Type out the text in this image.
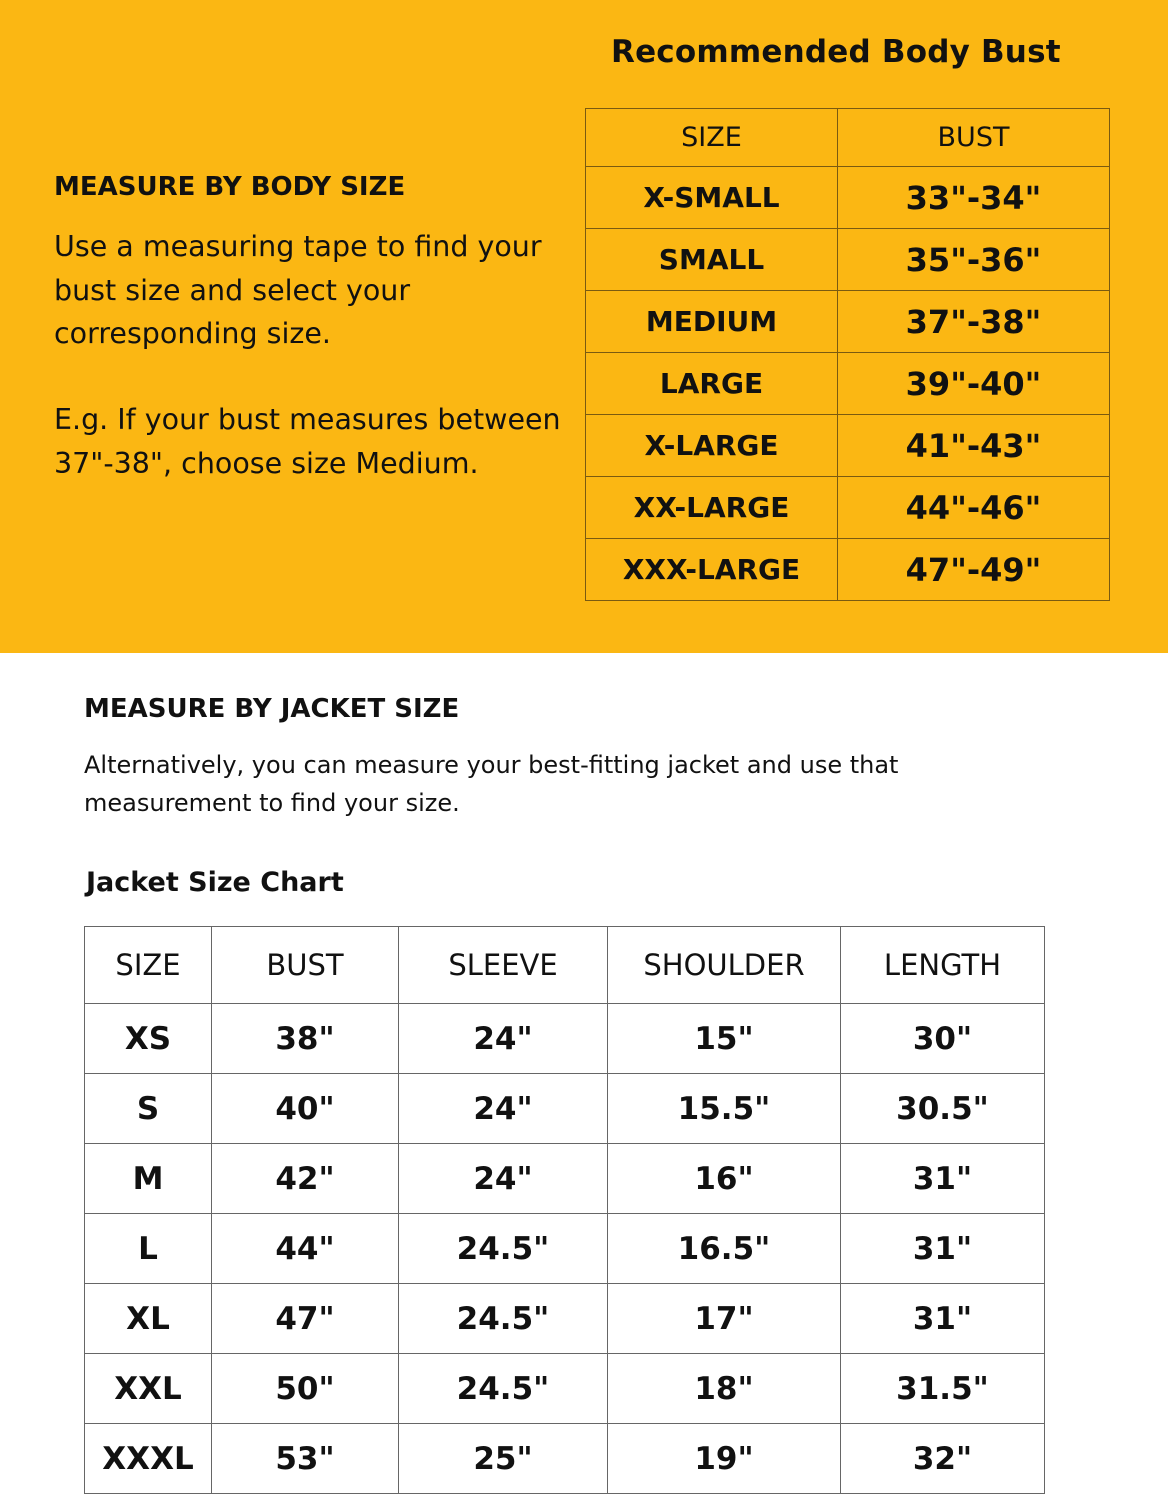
Recommended Body Bust
MEASURE BY BODY SIZE
Use a measuring tape to find your bust size and select your corresponding size.
E.g. If your bust measures between 37"-38", choose size Medium.
SIZE	BUST
X-SMALL	33"-34"
SMALL	35"-36"
MEDIUM	37"-38"
LARGE	39"-40"
X-LARGE	41"-43"
XX-LARGE	44"-46"
XXX-LARGE	47"-49"
MEASURE BY JACKET SIZE
Alternatively, you can measure your best-fitting jacket and use that measurement to find your size.
Jacket Size Chart
SIZE	BUST	SLEEVE	SHOULDER	LENGTH
XS	38"	24"	15"	30"
S	40"	24"	15.5"	30.5"
M	42"	24"	16"	31"
L	44"	24.5"	16.5"	31"
XL	47"	24.5"	17"	31"
XXL	50"	24.5"	18"	31.5"
XXXL	53"	25"	19"	32"
